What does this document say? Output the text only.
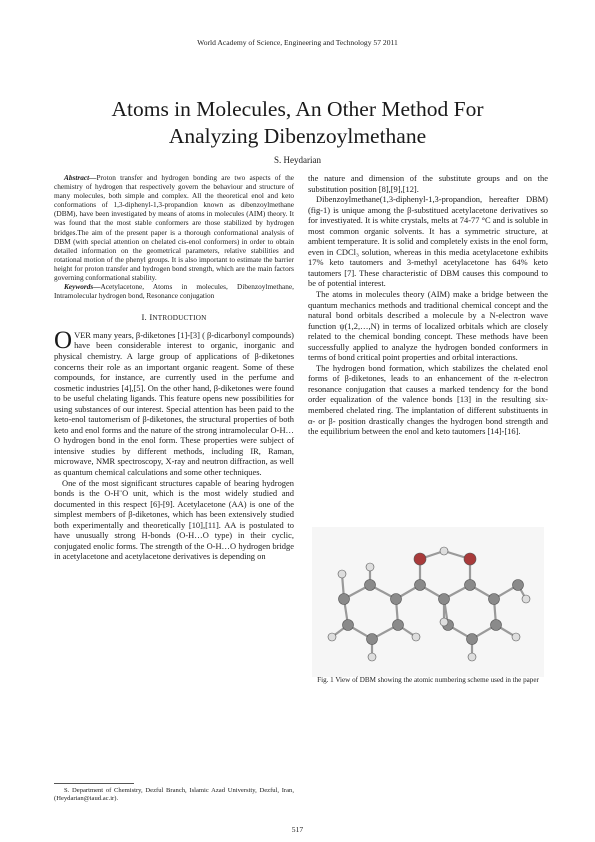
World Academy of Science, Engineering and Technology 57 2011
Atoms in Molecules, An Other Method For
Analyzing Dibenzoylmethane
S. Heydarian

Abstract—Proton transfer and hydrogen bonding are two aspects of the chemistry of hydrogen that respectively govern the behaviour and structure of many molecules, both simple and complex. All the theoretical enol and keto conformations of 1,3-diphenyl-1,3-propandion known as dibenzoylmethane (DBM), have been investigated by means of atoms in molecules (AIM) theory. It was found that the most stable conformers are those stabilized by hydrogen bridges.The aim of the present paper is a thorough conformational analysis of DBM (with special attention on chelated cis-enol conformers) in order to obtain detailed information on the geometrical parameters, relative stabilities and rotational motion of the phenyl groups. It is also important to estimate the barrier height for proton transfer and hydrogen bond strength, which are the main factors governing conformational stability.

Keywords—Acetylacetone, Atoms in molecules, Dibenzoylmethane, Intramolecular hydrogen bond, Resonance conjugation

I. INTRODUCTION

OVER many years, β-diketones [1]-[3] ( β-dicarbonyl compounds) have been considerable interest to organic, inorganic and physical chemistry. A large group of applications of β-diketones concerns their role as an important organic reagent. Some of these compounds, for instance, are currently used in the perfume and cosmetic industries [4],[5]. On the other hand, β-diketones were found to be useful chelating ligands. This feature opens new possibilities for using substances of our interest. Special attention has been paid to the keto-enol tautomerism of β-diketones, the structural properties of both keto and enol forms and the nature of the strong intramolecular O-H…O hydrogen bond in the enol form. These properties were subject of intensive studies by different methods, including IR, Raman, microwave, NMR spectroscopy, X-ray and neutron diffraction, as well as quantum chemical calculations and some other techniques.

One of the most significant structures capable of bearing hydrogen bonds is the O-H¨O unit, which is the most widely studied and documented in this respect [6]-[9]. Acetylacetone (AA) is one of the simplest members of β-diketones, which has been extensively studied both experimentally and theoretically [10],[11]. AA is postulated to have unusually strong H-bonds (O-H…O type) in their cyclic, conjugated enolic forms. The strength of the O-H…O hydrogen bridge in acetylacetone and acetylacetone derivatives is depending on

the nature and dimension of the substitute groups and on the substitution position [8],[9],[12].

Dibenzoylmethane(1,3-diphenyl-1,3-propandion, hereafter DBM)(fig-1) is unique among the β-substitued acetylacetone derivatives so for investiyated. It is white crystals, melts at 74-77 °C and is soluble in most common organic solvents. It has a symmetric structure, at ambient temperature. It is solid and completely exists in the enol form, even in CDCl₃ solution, whereas in this media acetylacetone exhibits 17% keto tautomers and 3-methyl acetylacetone has 64% keto tautomers [7]. These characteristic of DBM causes this compound to be of potential interest.

The atoms in molecules theory (AIM) make a bridge between the quantum mechanics methods and traditional chemical concept and the natural bond orbitals described a molecule by a N-electron wave function ψ(1,2,…,N) in terms of localized orbitals which are closely related to the chemical bonding concept. These methods have been successfully applied to analyze the hydrogen bonded conformers in terms of bond critical point properties and orbital interactions.

The hydrogen bond formation, which stabilizes the chelated enol forms of β-diketones, leads to an enhancement of the π-electron resonance conjugation that causes a marked tendency for the bond order equalization of the valence bonds [13] in the resulting six-membered chelated ring. The implantation of different substituents in α- or β- position drastically changes the hydrogen bond strength and the equilibrium between the enol and keto tautomers [14]-[16].

Fig. 1 View of DBM showing the atomic numbering scheme used in the paper
S. Department of Chemistry, Dezful Branch, Islamic Azad University, Dezful, Iran, (Heydarian@iaud.ac.ir).
517
